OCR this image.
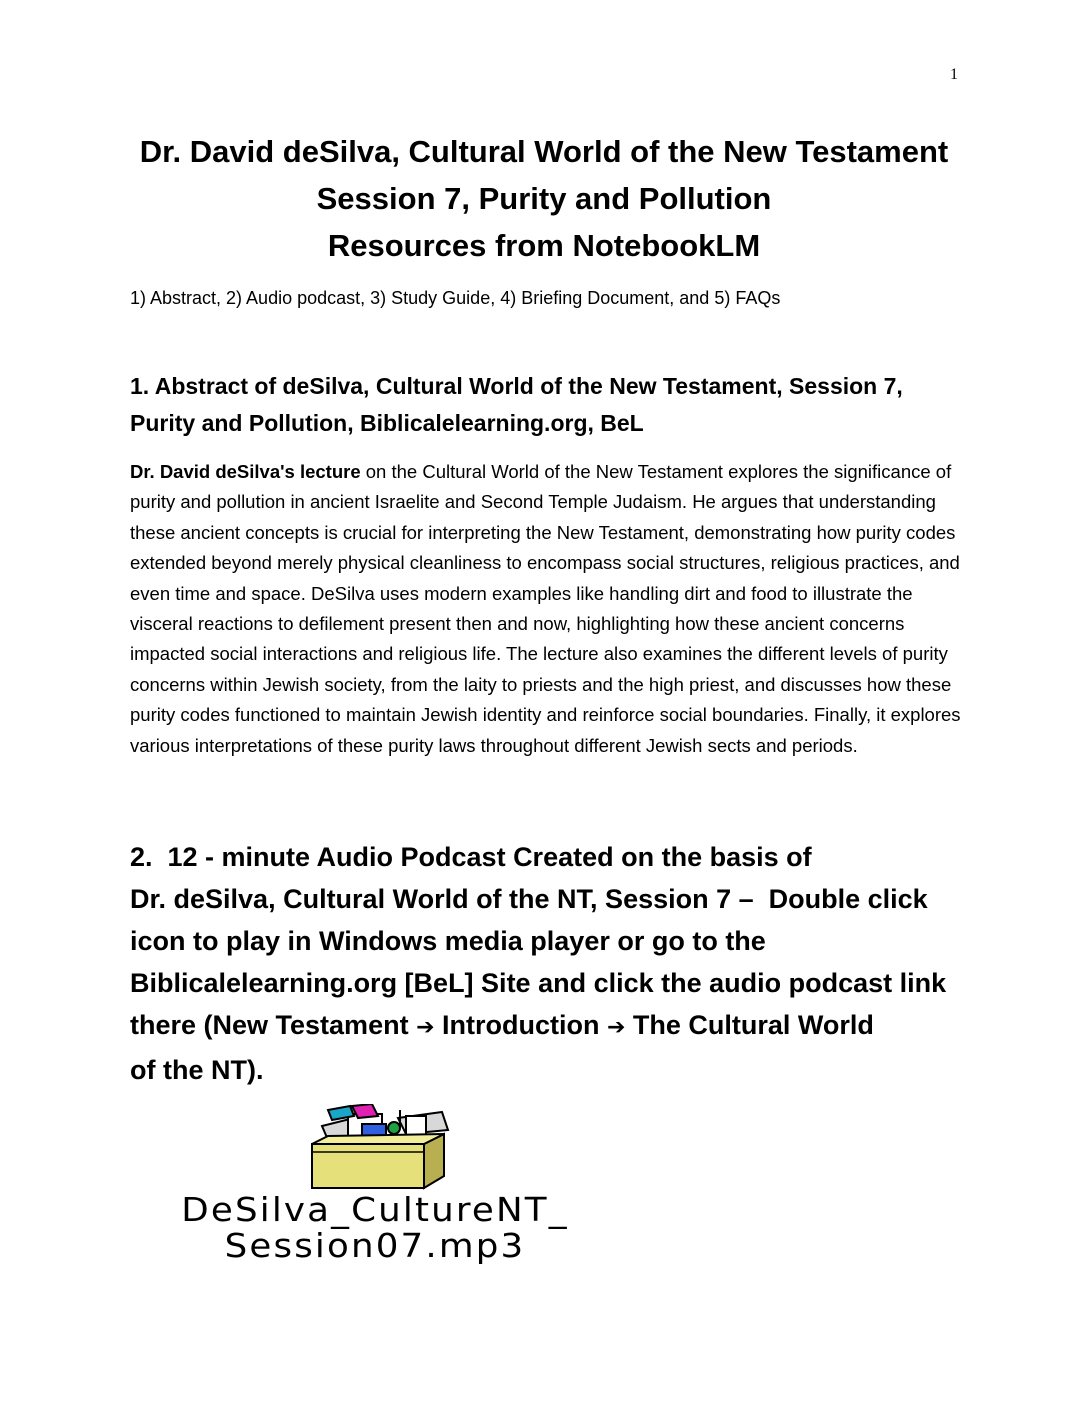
1
Dr. David deSilva, Cultural World of the New Testament
Session 7, Purity and Pollution
Resources from NotebookLM
1) Abstract, 2) Audio podcast, 3) Study Guide, 4) Briefing Document, and 5) FAQs
1. Abstract of deSilva, Cultural World of the New Testament, Session 7,
Purity and Pollution, Biblicalelearning.org, BeL

Dr. David deSilva's lecture on the Cultural World of the New Testament explores the significance of purity and pollution in ancient Israelite and Second Temple Judaism. He argues that understanding these ancient concepts is crucial for interpreting the New Testament, demonstrating how purity codes extended beyond merely physical cleanliness to encompass social structures, religious practices, and even time and space. DeSilva uses modern examples like handling dirt and food to illustrate the visceral reactions to defilement present then and now, highlighting how these ancient concerns impacted social interactions and religious life. The lecture also examines the different levels of purity concerns within Jewish society, from the laity to priests and the high priest, and discusses how these purity codes functioned to maintain Jewish identity and reinforce social boundaries. Finally, it explores various interpretations of these purity laws throughout different Jewish sects and periods.

2.  12 - minute Audio Podcast Created on the basis of
Dr. deSilva, Cultural World of the NT, Session 7 –  Double click
icon to play in Windows media player or go to the
Biblicalelearning.org [BeL] Site and click the audio podcast link
there (New Testament ➔ Introduction ➔ The Cultural World
of the NT).
DeSilva_CultureNT_
Session07.mp3
